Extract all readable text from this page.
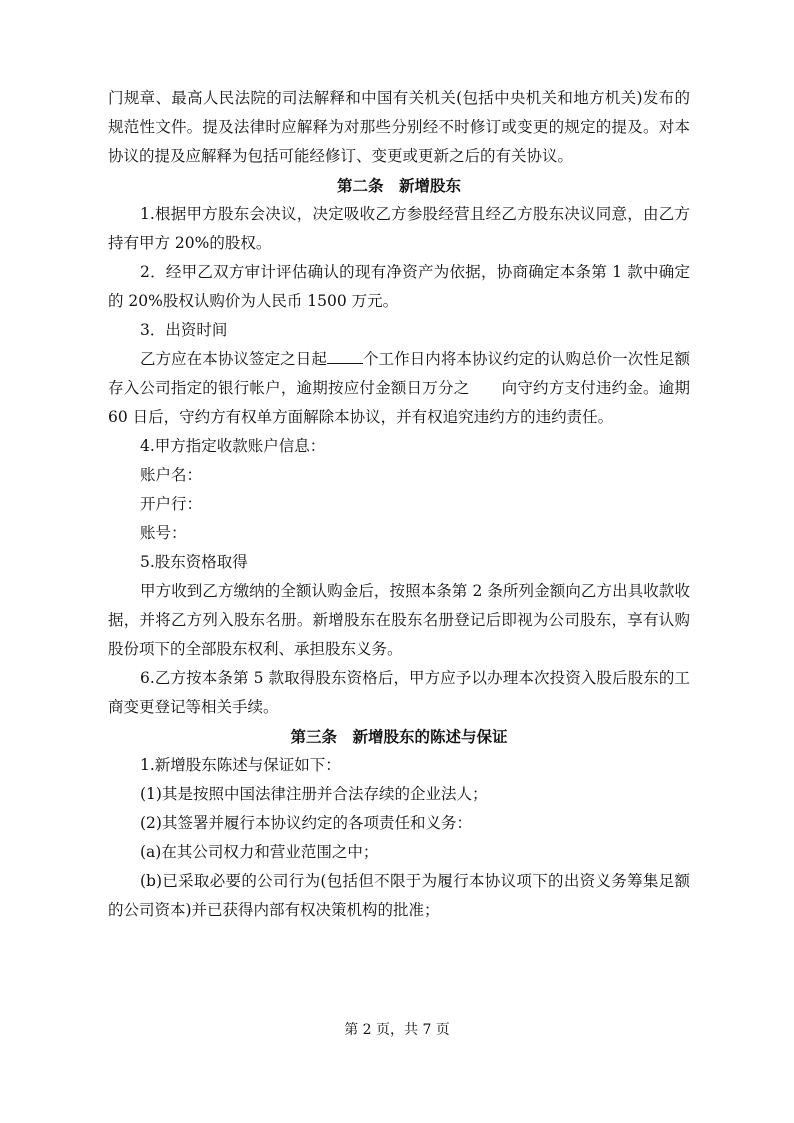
门规章、最高人民法院的司法解释和中国有关机关(包括中央机关和地方机关)发布的规范性文件。提及法律时应解释为对那些分别经不时修订或变更的规定的提及。对本协议的提及应解释为包括可能经修订、变更或更新之后的有关协议。

第二条　新增股东

1.根据甲方股东会决议，决定吸收乙方参股经营且经乙方股东决议同意，由乙方持有甲方 20%的股权。

2．经甲乙双方审计评估确认的现有净资产为依据，协商确定本条第 1 款中确定的 20%股权认购价为人民币 1500 万元。

3．出资时间

乙方应在本协议签定之日起 个工作日内将本协议约定的认购总价一次性足额存入公司指定的银行帐户，逾期按应付金额日万分之 向守约方支付违约金。逾期 60 日后，守约方有权单方面解除本协议，并有权追究违约方的违约责任。

4.甲方指定收款账户信息：

账户名：

开户行：

账号：

5.股东资格取得

甲方收到乙方缴纳的全额认购金后，按照本条第 2 条所列金额向乙方出具收款收据，并将乙方列入股东名册。新增股东在股东名册登记后即视为公司股东，享有认购股份项下的全部股东权利、承担股东义务。

6.乙方按本条第 5 款取得股东资格后，甲方应予以办理本次投资入股后股东的工商变更登记等相关手续。

第三条　新增股东的陈述与保证

1.新增股东陈述与保证如下：

(1)其是按照中国法律注册并合法存续的企业法人；

(2)其签署并履行本协议约定的各项责任和义务：

(a)在其公司权力和营业范围之中；

(b)已采取必要的公司行为(包括但不限于为履行本协议项下的出资义务筹集足额的公司资本)并已获得内部有权决策机构的批准；

第 2 页，共 7 页
